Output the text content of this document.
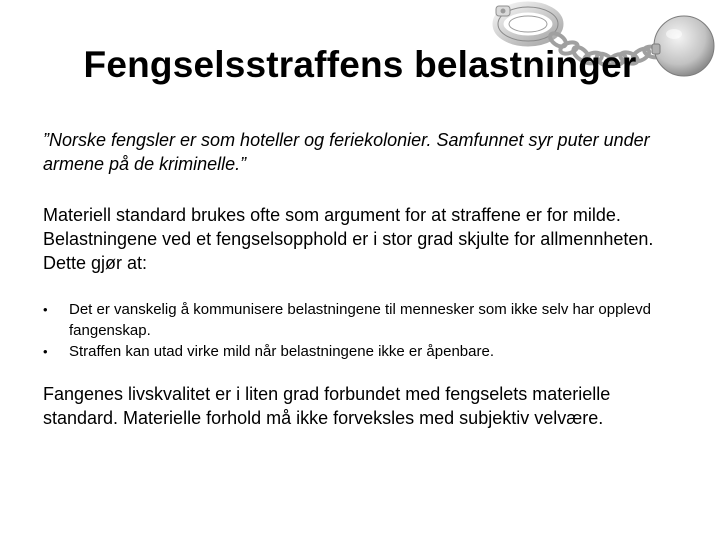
Fengselsstraffens belastninger

”Norske fengsler er som hoteller og feriekolonier. Samfunnet syr puter under armene på de kriminelle.”

Materiell standard brukes ofte som argument for at straffene er for milde. Belastningene ved et fengselsopphold er i stor grad skjulte for allmennheten. Dette gjør at:

• Det er vanskelig å kommunisere belastningene til mennesker som ikke selv har opplevd fangenskap.
• Straffen kan utad virke mild når belastningene ikke er åpenbare.

Fangenes livskvalitet er i liten grad forbundet med fengselets materielle standard. Materielle forhold må ikke forveksles med subjektiv velvære.
